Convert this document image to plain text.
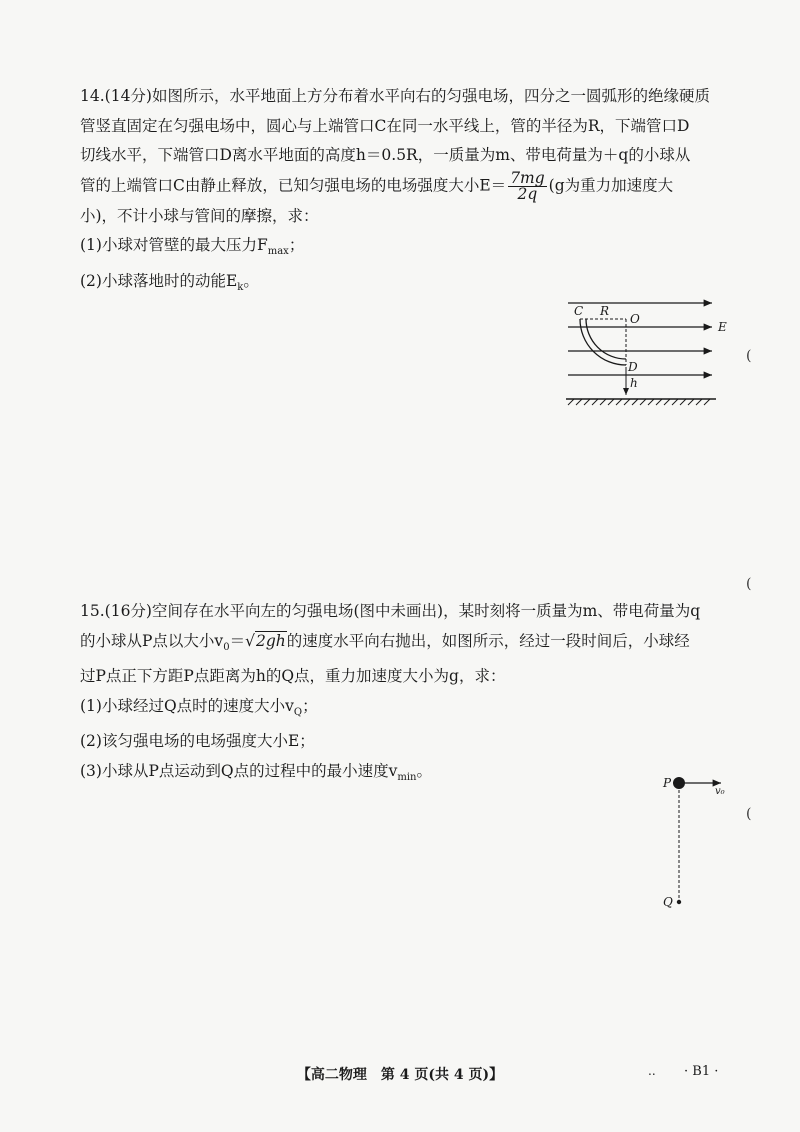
14.(14分)如图所示，水平地面上方分布着水平向右的匀强电场，四分之一圆弧形的绝缘硬质

管竖直固定在匀强电场中，圆心与上端管口C在同一水平线上，管的半径为R，下端管口D

切线水平，下端管口D离水平地面的高度h＝0.5R，一质量为m、带电荷量为＋q的小球从

管的上端管口C由静止释放，已知匀强电场的电场强度大小$E= \frac{7mg}{2q} (g$为重力加速度大

小)，不计小球与管间的摩擦，求：

(1)小球对管壁的最大压力$F_{max}$；

(2)小球落地时的动能$E_k$。

C R
O
E
D
h

15.(16分)空间存在水平向左的匀强电场(图中未画出)，某时刻将一质量为m、带电荷量为q

的小球从P点以大小$v_0=√2gh$的速度水平向右抛出，如图所示，经过一段时间后，小球经

过P点正下方距P点距离为h的Q点，重力加速度大小为g，求：

(1)小球经过Q点时的速度大小$v_Q$；

(2)该匀强电场的电场强度大小E；

(3)小球从P点运动到Q点的过程中的最小速度$v_{min}$。

P
v₀
Q
(
(
(
【高二物理　第 4 页(共 4 页)】	.. · B1 ·
